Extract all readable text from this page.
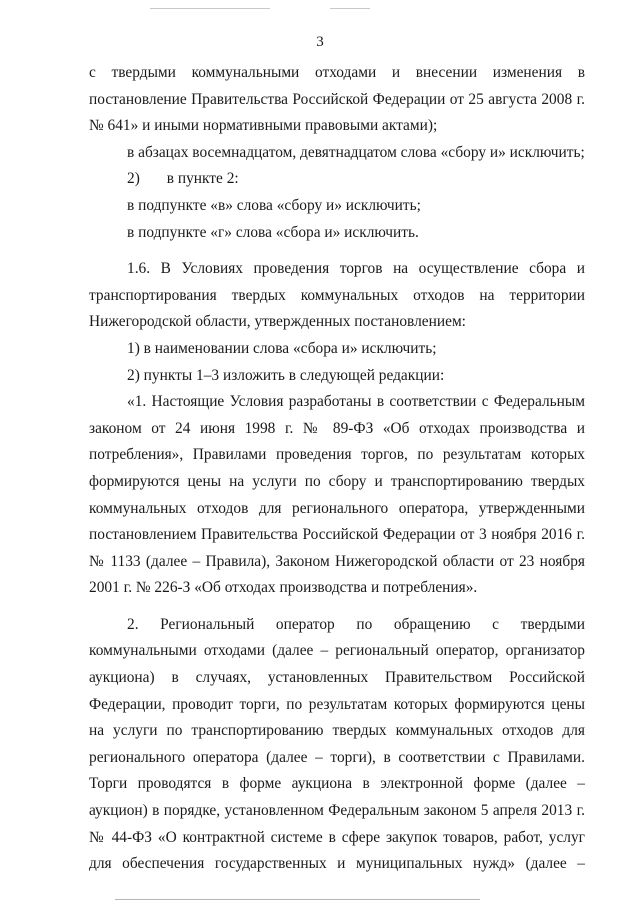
3

с твердыми коммунальными отходами и внесении изменения в

постановление Правительства Российской Федерации от 25 августа 2008 г.

№ 641» и иными нормативными правовыми актами);

в абзацах восемнадцатом, девятнадцатом слова «сбору и» исключить;

2)       в пункте 2:

в подпункте «в» слова «сбору и» исключить;

в подпункте «г» слова «сбора и» исключить.

1.6. В Условиях проведения торгов на осуществление сбора и

транспортирования твердых коммунальных отходов на территории

Нижегородской области, утвержденных постановлением:

1) в наименовании слова «сбора и» исключить;

2) пункты 1–3 изложить в следующей редакции:

«1. Настоящие Условия разработаны в соответствии с Федеральным

законом от 24 июня 1998 г. № 89-ФЗ «Об отходах производства и

потребления», Правилами проведения торгов, по результатам которых

формируются цены на услуги по сбору и транспортированию твердых

коммунальных отходов для регионального оператора, утвержденными

постановлением Правительства Российской Федерации от 3 ноября 2016 г.

№ 1133 (далее – Правила), Законом Нижегородской области от 23 ноября

2001 г. № 226-З «Об отходах производства и потребления».

2. Региональный оператор по обращению с твердыми

коммунальными отходами (далее – региональный оператор, организатор

аукциона) в случаях, установленных Правительством Российской

Федерации, проводит торги, по результатам которых формируются цены

на услуги по транспортированию твердых коммунальных отходов для

регионального оператора (далее – торги), в соответствии с Правилами.

Торги проводятся в форме аукциона в электронной форме (далее –

аукцион) в порядке, установленном Федеральным законом 5 апреля 2013 г.

№ 44-ФЗ «О контрактной системе в сфере закупок товаров, работ, услуг

для обеспечения государственных и муниципальных нужд» (далее –
